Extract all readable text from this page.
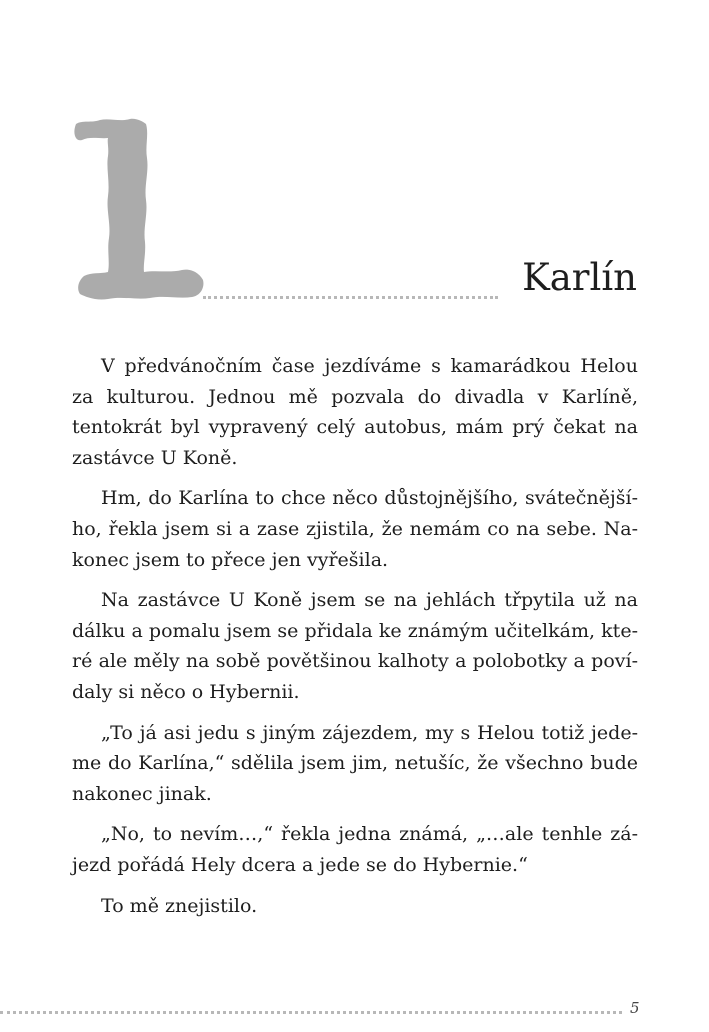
Karlín

V předvánočním čase jezdíváme s kamarádkou Helou za kulturou. Jednou mě pozvala do divadla v Karlíně, tentokrát byl vypravený celý autobus, mám prý čekat na zastávce U Koně.

Hm, do Karlína to chce něco důstojnějšího, svátečnějšího, řekla jsem si a zase zjistila, že nemám co na sebe. Nakonec jsem to přece jen vyřešila.

Na zastávce U Koně jsem se na jehlách třpytila už na dálku a pomalu jsem se přidala ke známým učitelkám, které ale měly na sobě povětšinou kalhoty a polobotky a povídaly si něco o Hybernii.

„To já asi jedu s jiným zájezdem, my s Helou totiž jedeme do Karlína,“ sdělila jsem jim, netušíc, že všechno bude nakonec jinak.

„No, to nevím…,“ řekla jedna známá, „…ale tenhle zájezd pořádá Hely dcera a jede se do Hybernie.“

To mě znejistilo.

5
